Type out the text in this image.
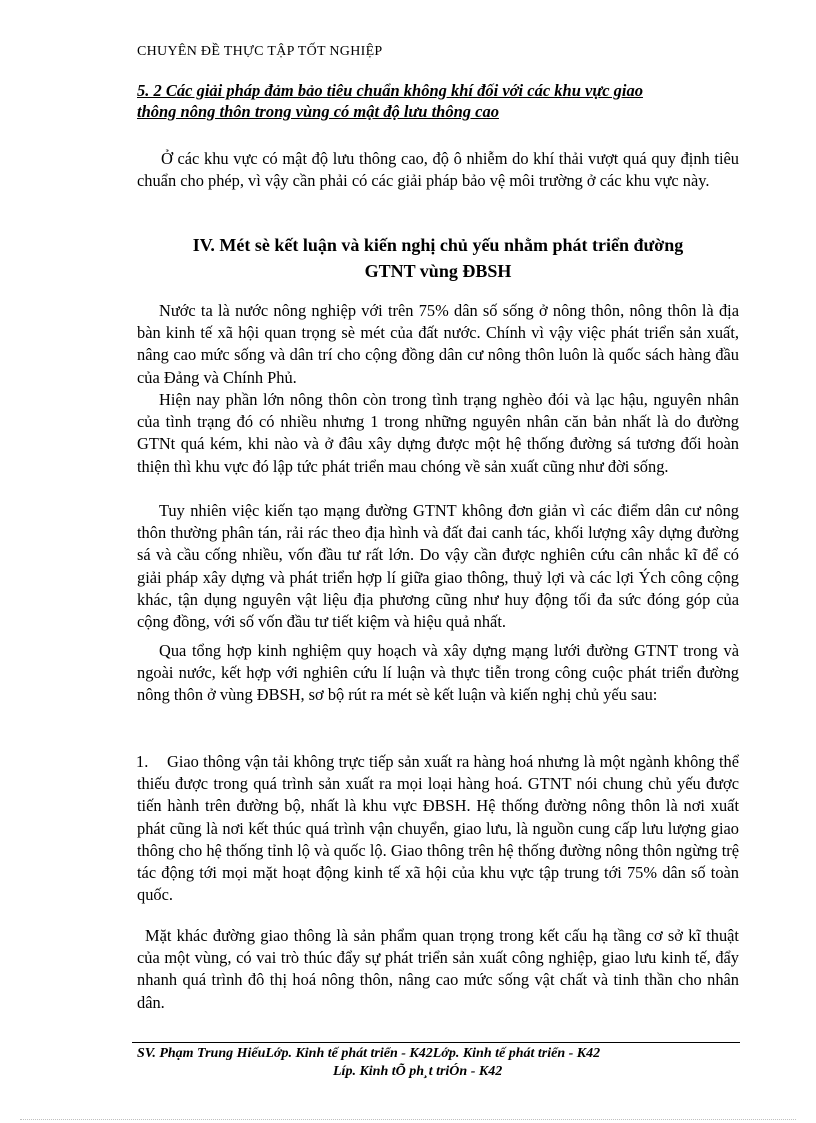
CHUYÊN ĐỀ THỰC TẬP TỐT NGHIỆP
5. 2 Các giải pháp đảm bảo tiêu chuẩn không khí đối với các khu vực giao
thông nông thôn trong vùng có mật độ lưu thông cao

Ở các khu vực có mật độ lưu thông cao, độ ô nhiễm do khí thải vượt quá quy định tiêu chuẩn cho phép, vì vậy cần phải có các giải pháp bảo vệ môi trường ở các khu vực này.

IV. Mét sè kết luận và kiến nghị chủ yếu nhằm phát triển đường
GTNT vùng ĐBSH

Nước ta là nước nông nghiệp với trên 75% dân số sống ở nông thôn, nông thôn là địa bàn kinh tế xã hội quan trọng sè mét của đất nước. Chính vì vậy việc phát triển sản xuất, nâng cao mức sống và dân trí cho cộng đồng dân cư nông thôn luôn là quốc sách hàng đầu của Đảng và Chính Phủ.

Hiện nay phần lớn nông thôn còn trong tình trạng nghèo đói và lạc hậu, nguyên nhân của tình trạng đó có nhiều nhưng 1 trong những nguyên nhân căn bản nhất là do đường GTNt quá kém, khi nào và ở đâu xây dựng được một hệ thống đường sá tương đối hoàn thiện thì khu vực đó lập tức phát triển mau chóng về sản xuất cũng như đời sống.

Tuy nhiên việc kiến tạo mạng đường GTNT không đơn giản vì các điểm dân cư nông thôn thường phân tán, rải rác theo địa hình và đất đai canh tác, khối lượng xây dựng đường sá và cầu cống nhiều, vốn đầu tư rất lớn. Do vậy cần được nghiên cứu cân nhắc kĩ để có giải pháp xây dựng và phát triển hợp lí giữa giao thông, thuỷ lợi và các lợi Ých công cộng khác, tận dụng nguyên vật liệu địa phương cũng như huy động tối đa sức đóng góp của cộng đồng, với số vốn đầu tư tiết kiệm và hiệu quả nhất.

Qua tổng hợp kinh nghiệm quy hoạch và xây dựng mạng lưới đường GTNT trong và ngoài nước, kết hợp với nghiên cứu lí luận và thực tiễn trong công cuộc phát triển đường nông thôn ở vùng ĐBSH, sơ bộ rút ra mét sè kết luận và kiến nghị chủ yếu sau:

1.	Giao thông vận tải không trực tiếp sản xuất ra hàng hoá nhưng là một ngành không thể thiếu được trong quá trình sản xuất ra mọi loại hàng hoá. GTNT nói chung chủ yếu được tiến hành trên đường bộ, nhất là khu vực ĐBSH. Hệ thống đường nông thôn là nơi xuất phát cũng là nơi kết thúc quá trình vận chuyển, giao lưu, là nguồn cung cấp lưu lượng giao thông cho hệ thống tỉnh lộ và quốc lộ. Giao thông trên hệ thống đường nông thôn ngừng trệ tác động tới mọi mặt hoạt động kinh tế xã hội của khu vực tập trung tới 75% dân số toàn quốc.

Mặt khác đường giao thông là sản phẩm quan trọng trong kết cấu hạ tầng cơ sở kĩ thuật của một vùng, có vai trò thúc đẩy sự phát triển sản xuất công nghiệp, giao lưu kinh tế, đẩy nhanh quá trình đô thị hoá nông thôn, nâng cao mức sống vật chất và tinh thần cho nhân dân.

SV. Phạm Trung HiếuLớp. Kinh tế phát triển - K42Lớp. Kinh tế phát triển - K42
Líp. Kinh tÕ ph¸t triÓn - K42
